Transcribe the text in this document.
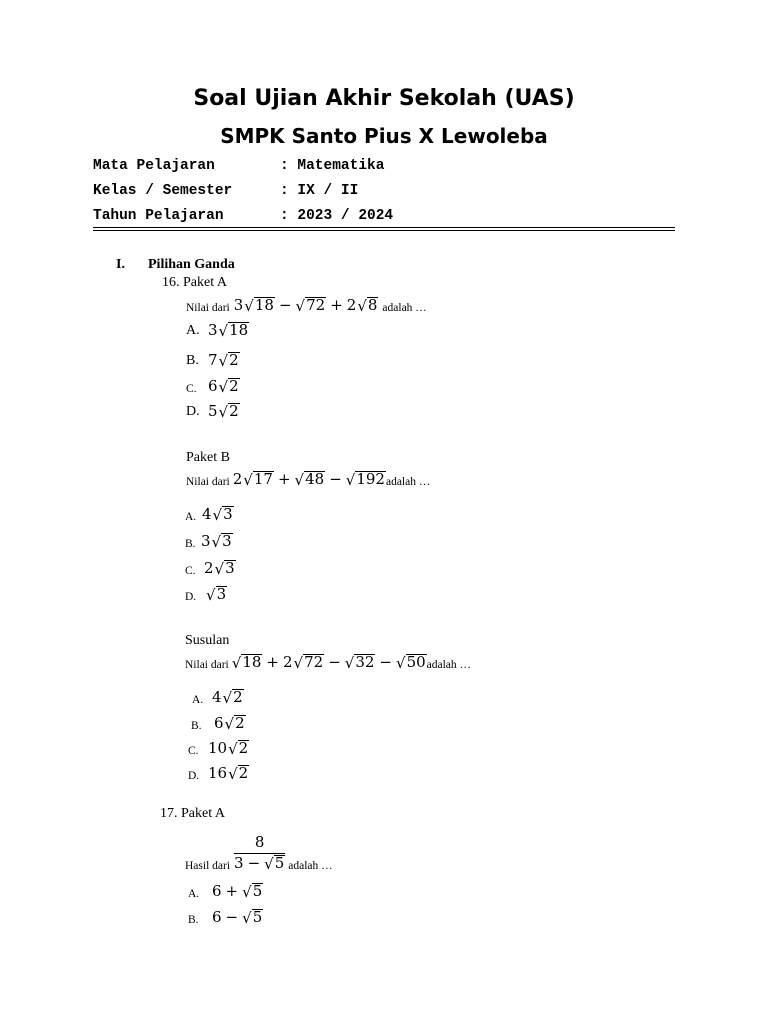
Soal Ujian Akhir Sekolah (UAS)
SMPK Santo Pius X Lewoleba
Mata Pelajaran	: Matematika
Kelas / Semester	: IX / II
Tahun Pelajaran	: 2023 / 2024
I. Pilihan Ganda
16. Paket A
Nilai dari 3 √ 18 − √ 72 + 2 √ 8 adalah …
A. 3 √ 18
B. 7 √ 2
C. 6 √ 2
D. 5 √ 2
Paket B
Nilai dari 2 √ 17 + √ 48 − √ 192 adalah …
A. 4 √ 3
B. 3 √ 3
C. 2 √ 3
D. √ 3
Susulan
Nilai dari √ 18 + 2 √ 72 − √ 32 − √ 50 adalah …
A. 4 √ 2
B. 6 √ 2
C. 10 √ 2
D. 16 √ 2
17. Paket A
Hasil dari $\frac{8}{3 - √ 5}$ adalah …
A. 6 + √ 5
B. 6 − √ 5
